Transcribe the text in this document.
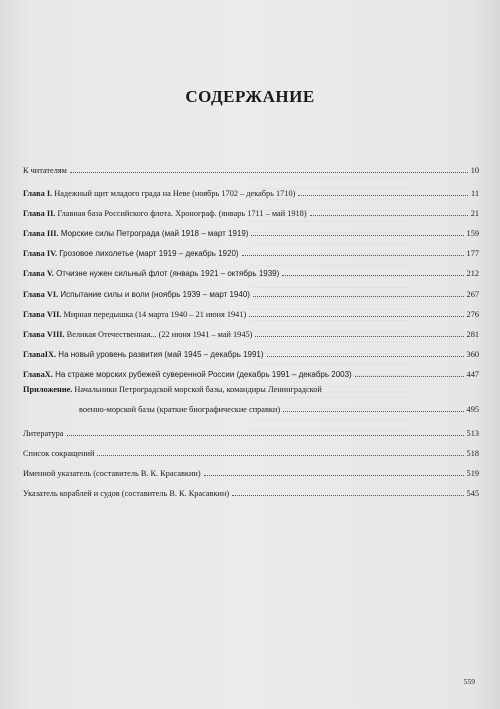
СОДЕРЖАНИЕ
К читателям	10
Глава I. Надежный щит младого града на Неве (ноябрь 1702 – декабрь 1710)	11
Глава II. Главная база Российского флота. Хронограф. (январь 1711 – май 1918)	21
Глава III. Морские силы Петрограда (май 1918 – март 1919)	159
Глава IV. Грозовое лихолетье (март 1919 – декабрь 1920)	177
Глава V. Отчизне нужен сильный флот (январь 1921 – октябрь 1939)	212
Глава VI. Испытание силы и воли (ноябрь 1939 – март 1940)	267
Глава VII. Мирная передышка (14 марта 1940 – 21 июня 1941)	276
Глава VIII. Великая Отечественная... (22 июня 1941 – май 1945)	281
ГлаваIX. На новый уровень развития (май 1945 – декабрь 1991)	360
ГлаваX. На страже морских рубежей суверенной России (декабрь 1991 – декабрь 2003)	447
Приложение. Начальники Петроградской морской базы, командиры Ленинградской
военно-морской базы (краткие биографические справки)	495
Литература	513
Список сокращений	518
Именной указатель (составитель В. К. Красавкин)	519
Указатель кораблей и судов (составитель В. К. Красавкин)	545
559
